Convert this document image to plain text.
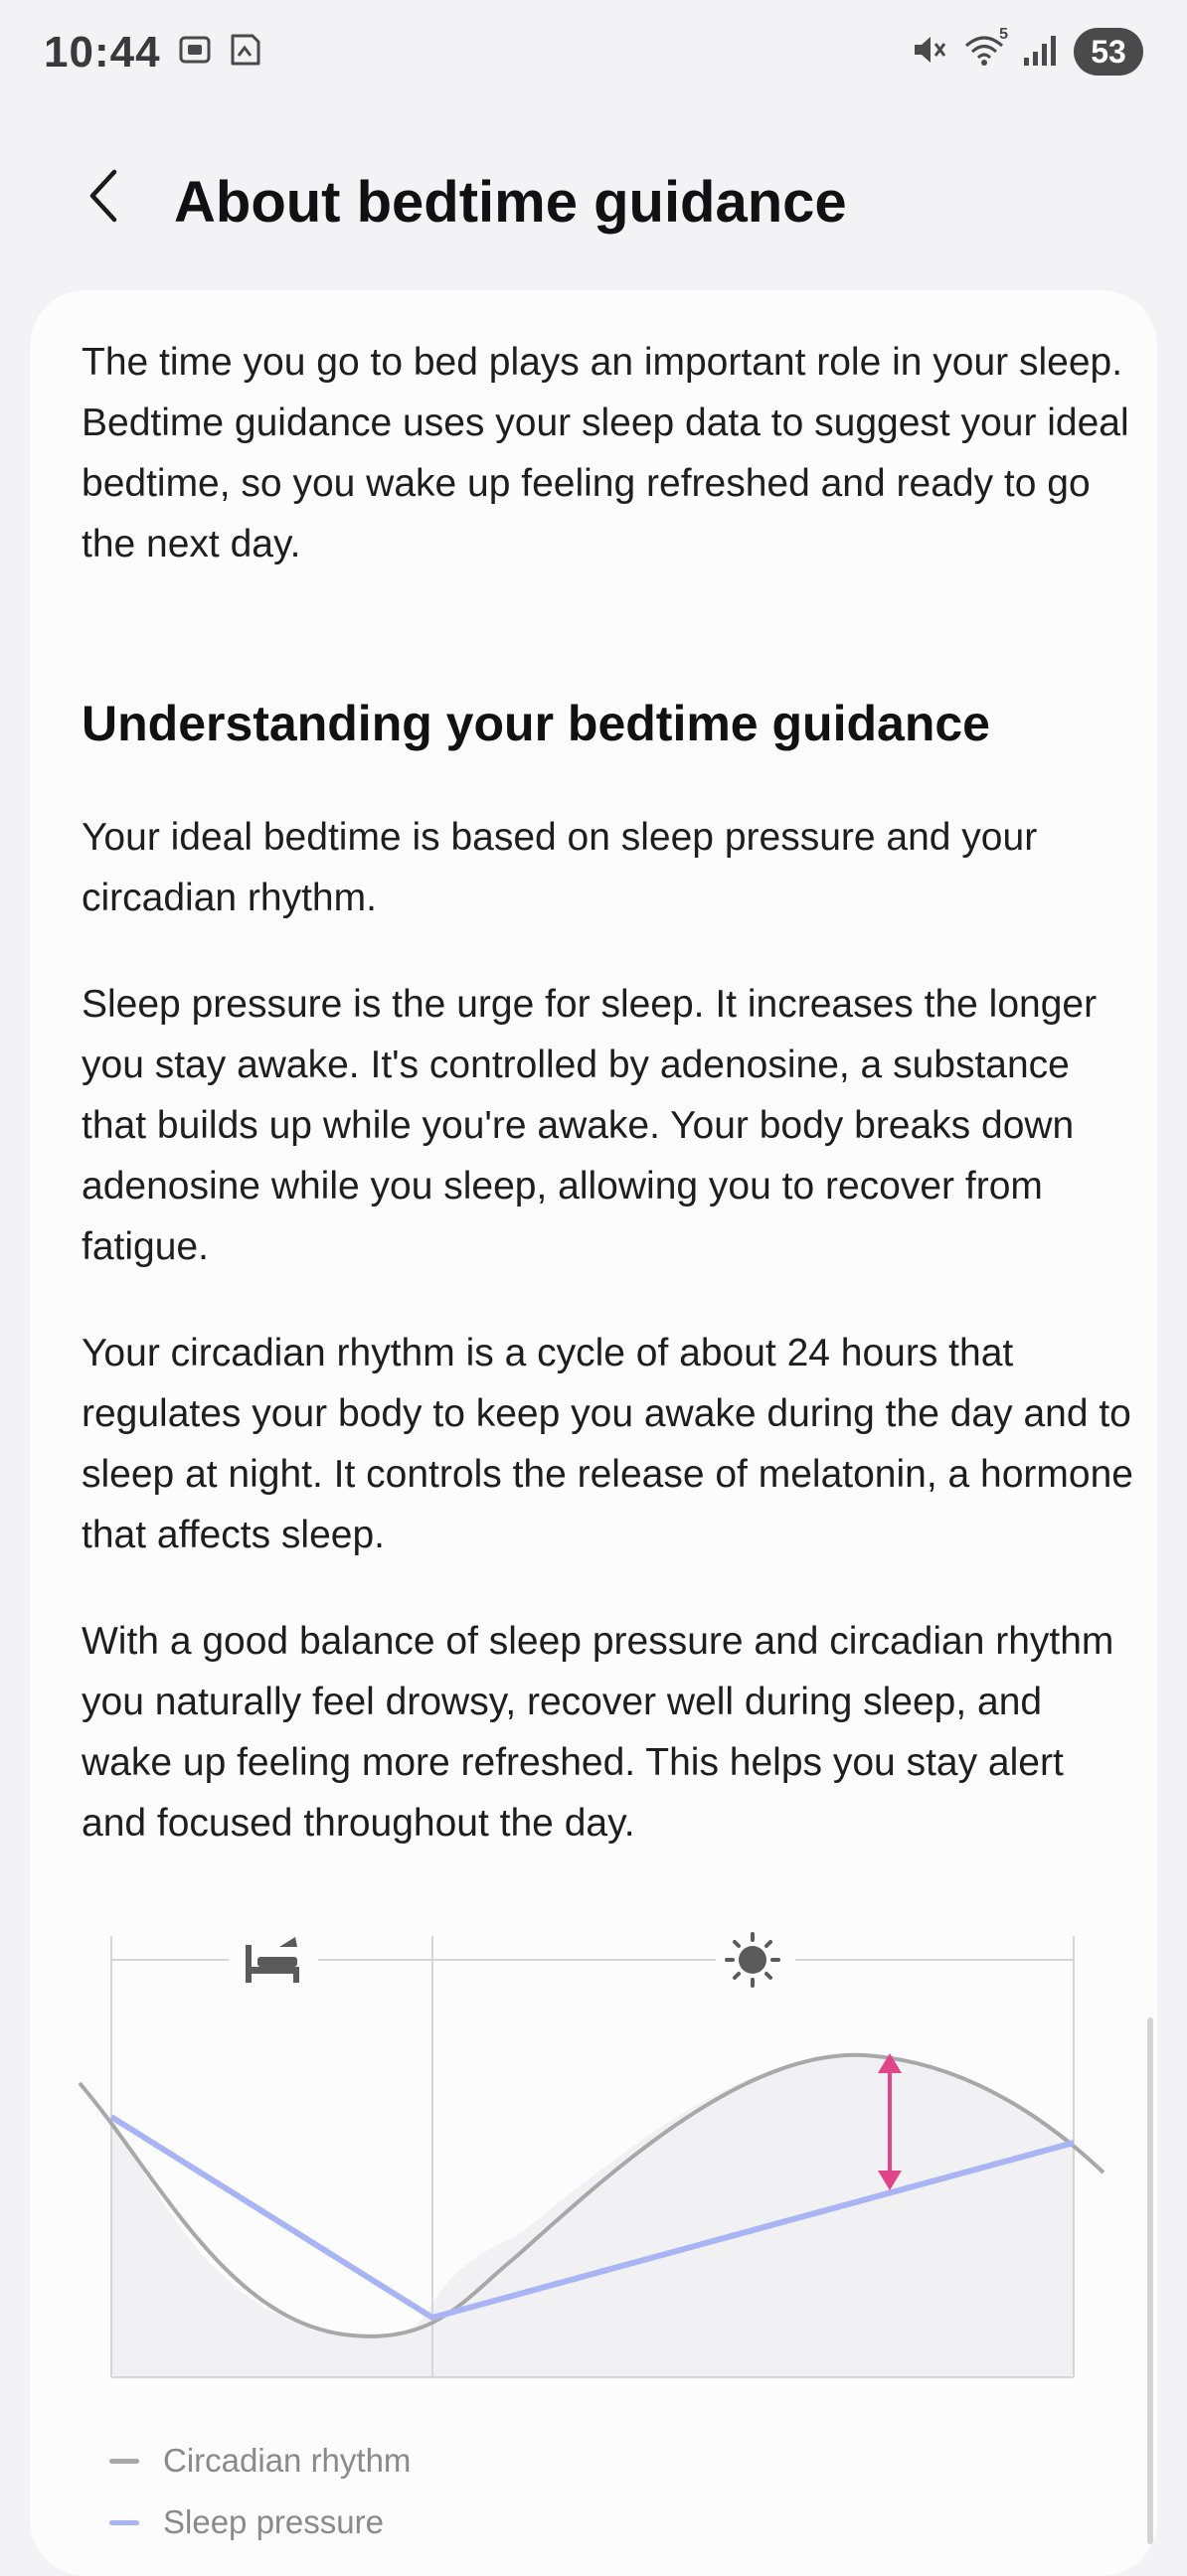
10:44	5	53
About bedtime guidance

The time you go to bed plays an important role in your sleep. Bedtime guidance uses your sleep data to suggest your ideal bedtime, so you wake up feeling refreshed and ready to go the next day.

Understanding your bedtime guidance

Your ideal bedtime is based on sleep pressure and your circadian rhythm.

Sleep pressure is the urge for sleep. It increases the longer you stay awake. It's controlled by adenosine, a substance that builds up while you're awake. Your body breaks down adenosine while you sleep, allowing you to recover from fatigue.

Your circadian rhythm is a cycle of about 24 hours that regulates your body to keep you awake during the day and to sleep at night. It controls the release of melatonin, a hormone that affects sleep.

With a good balance of sleep pressure and circadian rhythm you naturally feel drowsy, recover well during sleep, and wake up feeling more refreshed. This helps you stay alert and focused throughout the day.

Circadian rhythm
Sleep pressure
